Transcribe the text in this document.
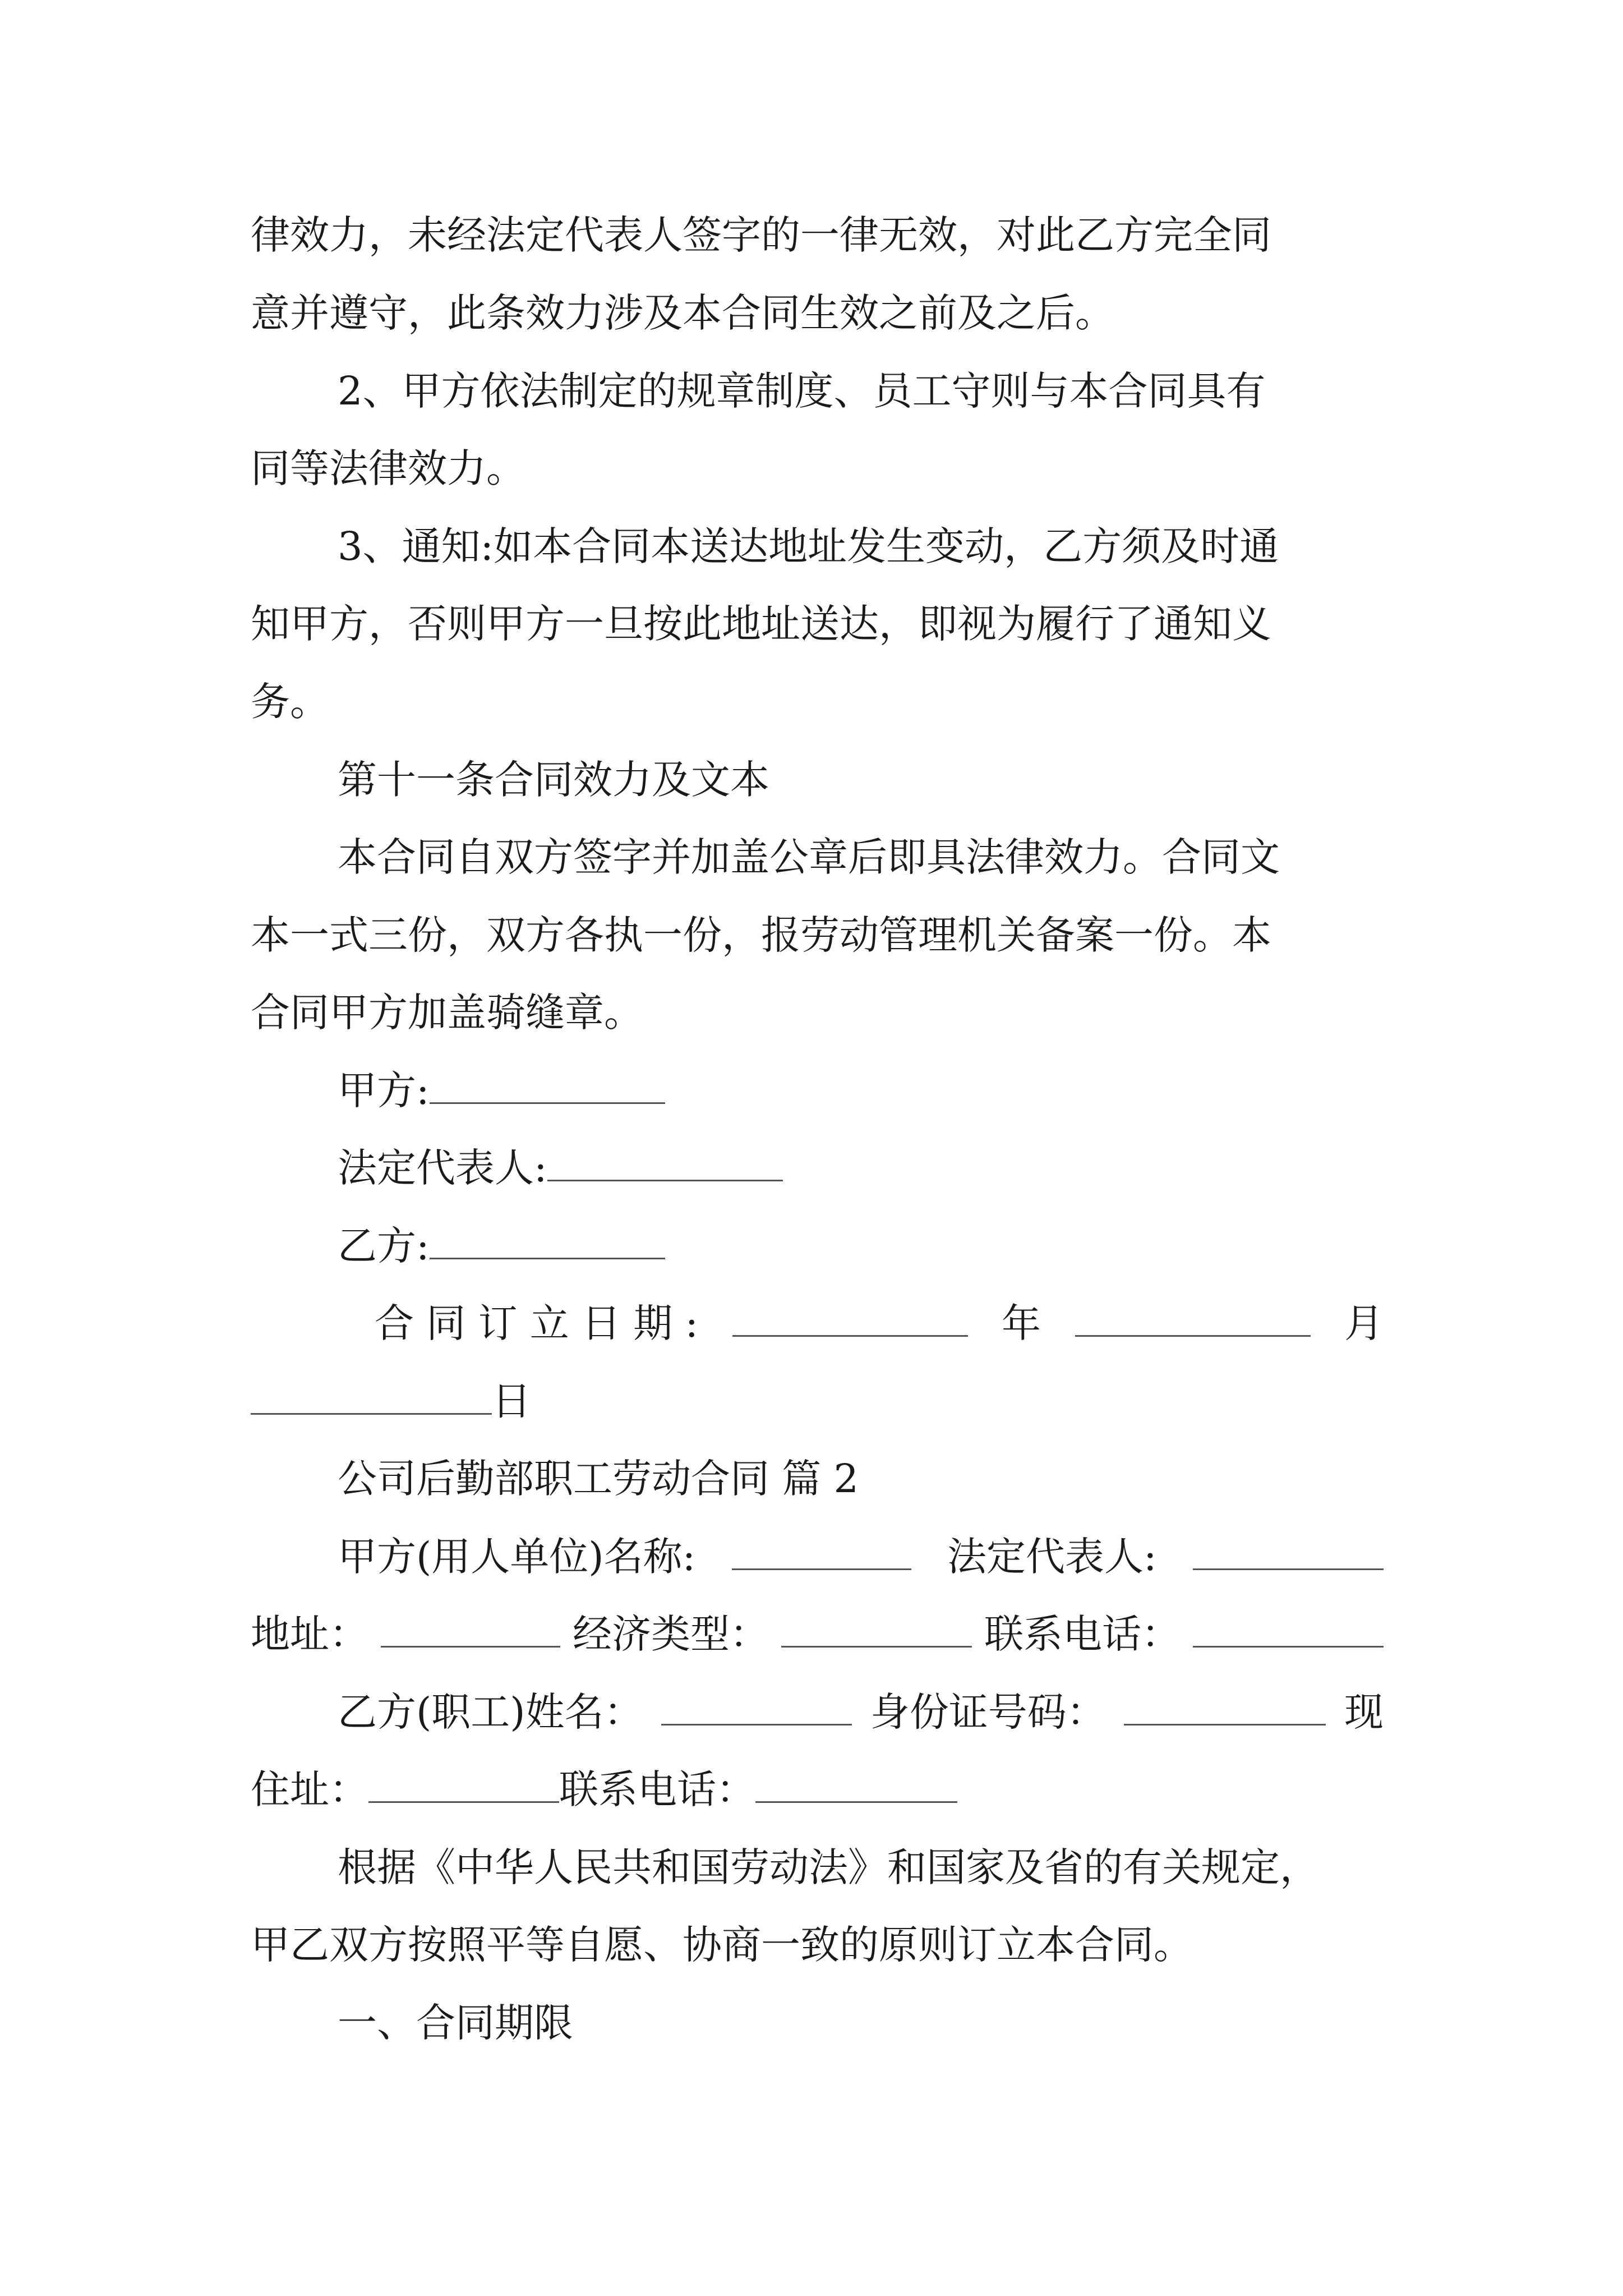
律效力，未经法定代表人签字的一律无效，对此乙方完全同
意并遵守，此条效力涉及本合同生效之前及之后。
2、甲方依法制定的规章制度、员工守则与本合同具有
同等法律效力。
3、通知:如本合同本送达地址发生变动，乙方须及时通
知甲方，否则甲方一旦按此地址送达，即视为履行了通知义
务。
第十一条合同效力及文本
本合同自双方签字并加盖公章后即具法律效力。合同文
本一式三份，双方各执一份，报劳动管理机关备案一份。本
合同甲方加盖骑缝章。
甲方:
法定代表人:
乙方:
合 同 订 立 日 期 :	年	月
日
公司后勤部职工劳动合同 篇 2
甲方(用人单位)名称:	法定代表人:
地址：	经济类型：	联系电话：
乙方(职工)姓名：	身份证号码：	现
住址：	联系电话：
根据《中华人民共和国劳动法》和国家及省的有关规定，
甲乙双方按照平等自愿、协商一致的原则订立本合同。
一、合同期限
